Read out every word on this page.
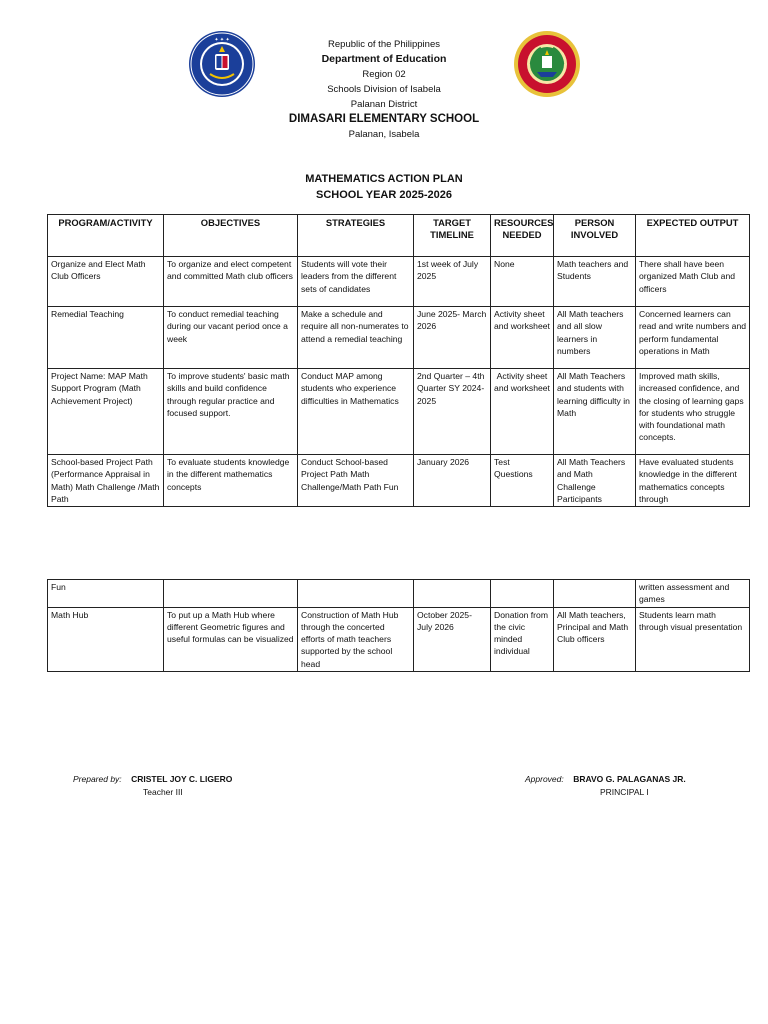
✦ ✦ ✦	Republic of the Philippines
Department of Education
Region 02
Schools Division of Isabela
Palanan District
DIMASARI ELEMENTARY SCHOOL
Palanan, Isabela
MATHEMATICS ACTION PLAN
SCHOOL YEAR 2025-2026
PROGRAM/ACTIVITY	OBJECTIVES	STRATEGIES	TARGET TIMELINE	RESOURCES NEEDED	PERSON INVOLVED	EXPECTED OUTPUT
Organize and Elect Math Club Officers	To organize and elect competent and committed Math club officers	Students will vote their leaders from the different sets of candidates	1st week of July 2025	None	Math teachers and Students	There shall have been organized Math Club and officers
Remedial Teaching	To conduct remedial teaching during our vacant period once a week	Make a schedule and require all non-numerates to attend a remedial teaching	June 2025- March 2026	Activity sheet and worksheet	All Math teachers and all slow learners in numbers	Concerned learners can read and write numbers and perform fundamental operations in Math
Project Name: MAP Math Support Program (Math Achievement Project)	To improve students' basic math skills and build confidence through regular practice and focused support.	Conduct MAP among students who experience difficulties in Mathematics	2nd Quarter – 4th Quarter SY 2024-2025	Activity sheet and worksheet	All Math Teachers and students with learning difficulty in Math	Improved math skills, increased confidence, and the closing of learning gaps for students who struggle with foundational math concepts.
School-based Project Path (Performance Appraisal in Math) Math Challenge /Math Path	To evaluate students knowledge in the different mathematics concepts	Conduct School-based Project Path Math Challenge/Math Path Fun	January 2026	Test Questions	All Math Teachers and Math Challenge Participants	Have evaluated students knowledge in the different mathematics concepts through
Fun						written assessment and games
Math Hub	To put up a Math Hub where different Geometric figures and useful formulas can be visualized	Construction of Math Hub through the concerted efforts of math teachers supported by the school head	October 2025- July 2026	Donation from the civic minded individual	All Math teachers, Principal and Math Club officers	Students learn math through visual presentation
Prepared by: CRISTEL JOY C. LIGERO
Teacher III
Approved: BRAVO G. PALAGANAS JR.
PRINCIPAL I
